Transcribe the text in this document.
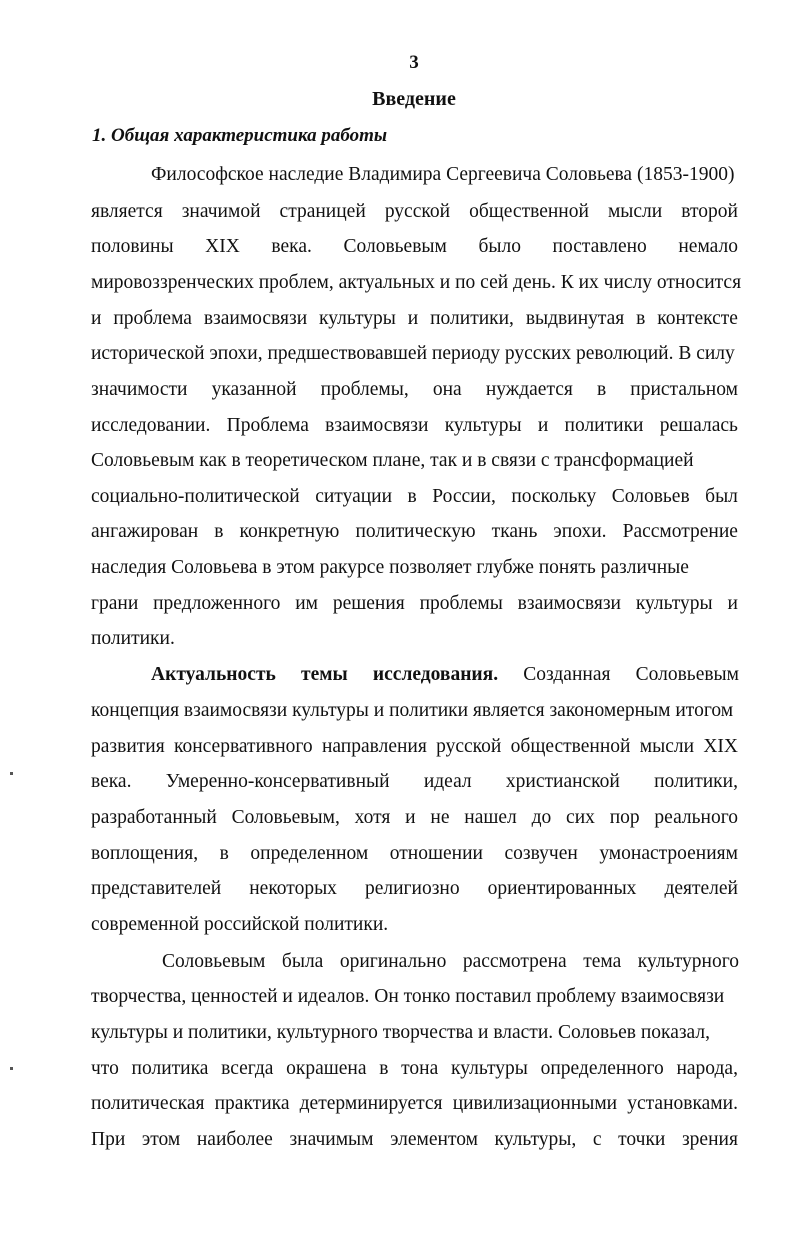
3
Введение
1. Общая характеристика работы
Философское наследие Владимира Сергеевича Соловьева (1853-1900)
является значимой страницей русской общественной мысли второй
половины XIX века. Соловьевым было поставлено немало
мировоззренческих проблем, актуальных и по сей день. К их числу относится
и проблема взаимосвязи культуры и политики, выдвинутая в контексте
исторической эпохи, предшествовавшей периоду русских революций. В силу
значимости указанной проблемы, она нуждается в пристальном
исследовании. Проблема взаимосвязи культуры и политики решалась
Соловьевым как в теоретическом плане, так и в связи с трансформацией
социально-политической ситуации в России, поскольку Соловьев был
ангажирован в конкретную политическую ткань эпохи. Рассмотрение
наследия Соловьева в этом ракурсе позволяет глубже понять различные
грани предложенного им решения проблемы взаимосвязи культуры и
политики.
Актуальность темы исследования. Созданная Соловьевым
концепция взаимосвязи культуры и политики является закономерным итогом
развития консервативного направления русской общественной мысли XIX
века. Умеренно-консервативный идеал христианской политики,
разработанный Соловьевым, хотя и не нашел до сих пор реального
воплощения, в определенном отношении созвучен умонастроениям
представителей некоторых религиозно ориентированных деятелей
современной российской политики.
Соловьевым была оригинально рассмотрена тема культурного
творчества, ценностей и идеалов. Он тонко поставил проблему взаимосвязи
культуры и политики, культурного творчества и власти. Соловьев показал,
что политика всегда окрашена в тона культуры определенного народа,
политическая практика детерминируется цивилизационными установками.
При этом наиболее значимым элементом культуры, с точки зрения
